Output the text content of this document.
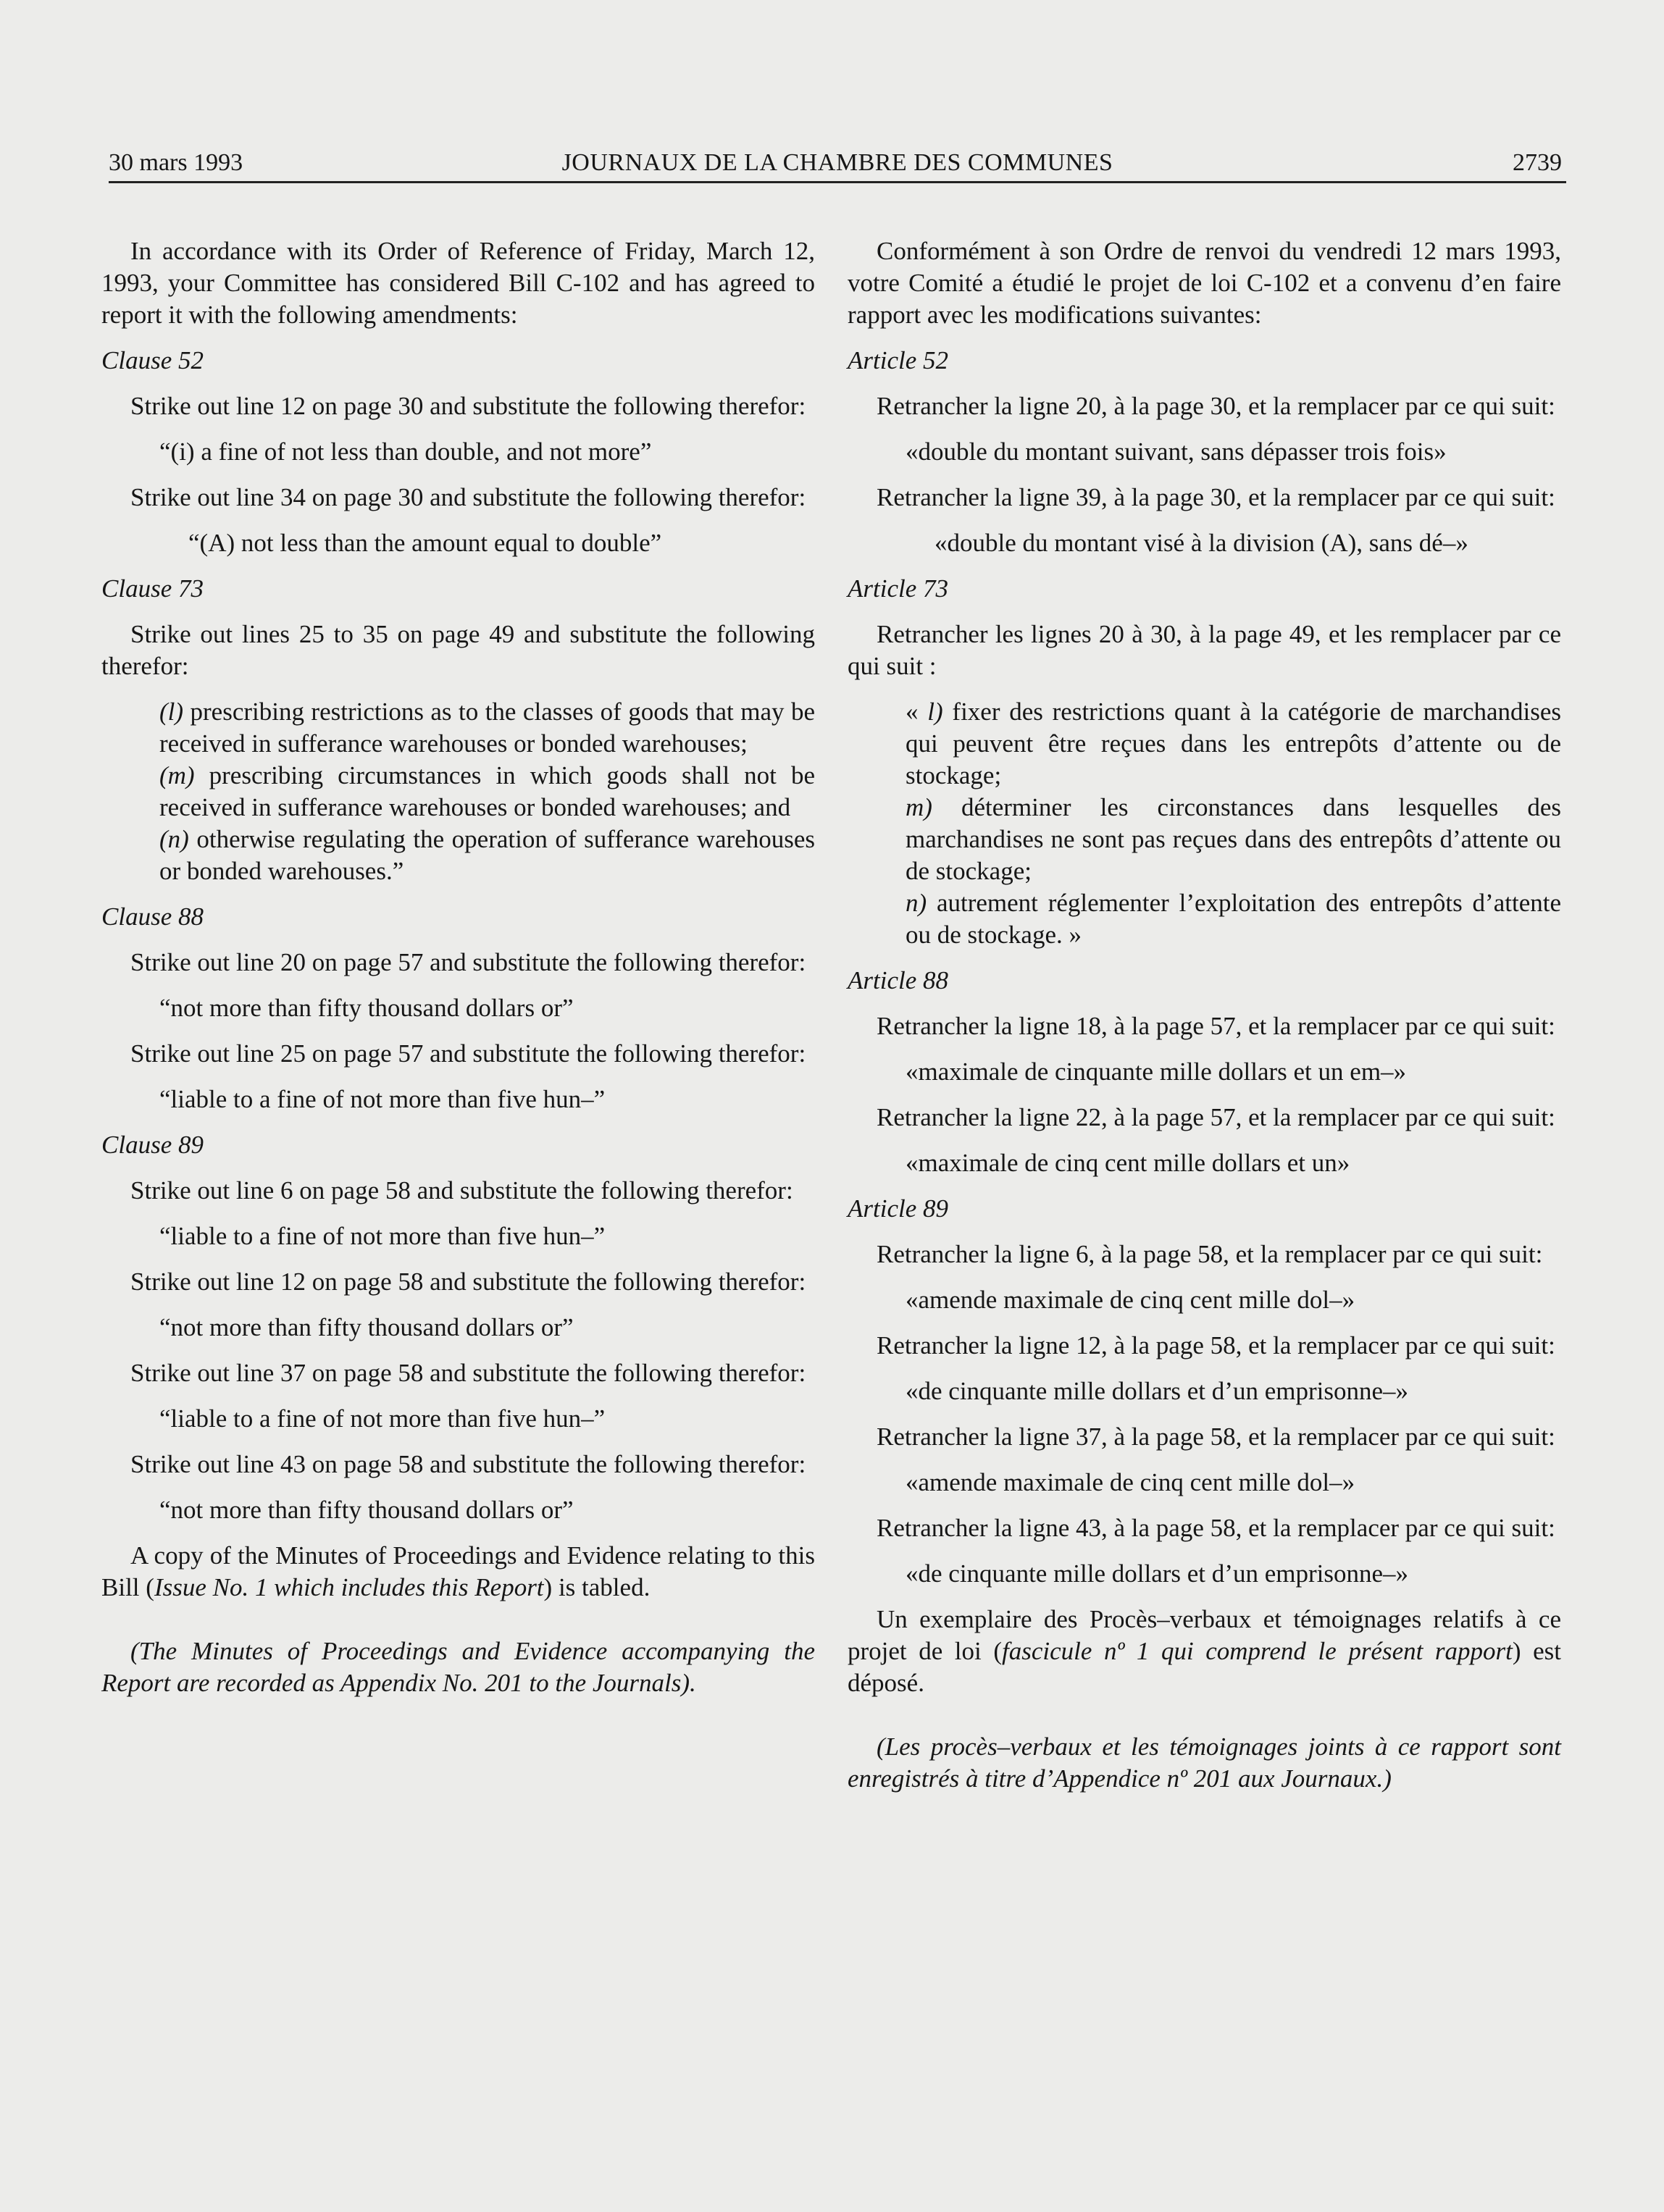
30 mars 1993	JOURNAUX DE LA CHAMBRE DES COMMUNES	2739

In accordance with its Order of Reference of Friday, March 12, 1993, your Committee has considered Bill C-102 and has agreed to report it with the following amendments:

Clause 52

Strike out line 12 on page 30 and substitute the following therefor:

“(i) a fine of not less than double, and not more”

Strike out line 34 on page 30 and substitute the following therefor:

“(A) not less than the amount equal to double”

Clause 73

Strike out lines 25 to 35 on page 49 and substitute the following therefor:

(l) prescribing restrictions as to the classes of goods that may be received in sufferance warehouses or bonded warehouses;

(m) prescribing circumstances in which goods shall not be received in sufferance warehouses or bonded warehouses; and

(n) otherwise regulating the operation of sufferance warehouses or bonded warehouses.”

Clause 88

Strike out line 20 on page 57 and substitute the following therefor:

“not more than fifty thousand dollars or”

Strike out line 25 on page 57 and substitute the following therefor:

“liable to a fine of not more than five hun–”

Clause 89

Strike out line 6 on page 58 and substitute the following therefor:

“liable to a fine of not more than five hun–”

Strike out line 12 on page 58 and substitute the following therefor:

“not more than fifty thousand dollars or”

Strike out line 37 on page 58 and substitute the following therefor:

“liable to a fine of not more than five hun–”

Strike out line 43 on page 58 and substitute the following therefor:

“not more than fifty thousand dollars or”

A copy of the Minutes of Proceedings and Evidence relating to this Bill (Issue No. 1 which includes this Report) is tabled.

(The Minutes of Proceedings and Evidence accompanying the Report are recorded as Appendix No. 201 to the Journals).

Conformément à son Ordre de renvoi du vendredi 12 mars 1993, votre Comité a étudié le projet de loi C-102 et a convenu d’en faire rapport avec les modifications suivantes:

Article 52

Retrancher la ligne 20, à la page 30, et la remplacer par ce qui suit:

«double du montant suivant, sans dépasser trois fois»

Retrancher la ligne 39, à la page 30, et la remplacer par ce qui suit:

«double du montant visé à la division (A), sans dé–»

Article 73

Retrancher les lignes 20 à 30, à la page 49, et les remplacer par ce qui suit :

« l) fixer des restrictions quant à la catégorie de marchandises qui peuvent être reçues dans les entrepôts d’attente ou de stockage;

m) déterminer les circonstances dans lesquelles des marchandises ne sont pas reçues dans des entrepôts d’attente ou de stockage;

n) autrement réglementer l’exploitation des entrepôts d’attente ou de stockage. »

Article 88

Retrancher la ligne 18, à la page 57, et la remplacer par ce qui suit:

«maximale de cinquante mille dollars et un em–»

Retrancher la ligne 22, à la page 57, et la remplacer par ce qui suit:

«maximale de cinq cent mille dollars et un»

Article 89

Retrancher la ligne 6, à la page 58, et la remplacer par ce qui suit:

«amende maximale de cinq cent mille dol–»

Retrancher la ligne 12, à la page 58, et la remplacer par ce qui suit:

«de cinquante mille dollars et d’un emprisonne–»

Retrancher la ligne 37, à la page 58, et la remplacer par ce qui suit:

«amende maximale de cinq cent mille dol–»

Retrancher la ligne 43, à la page 58, et la remplacer par ce qui suit:

«de cinquante mille dollars et d’un emprisonne–»

Un exemplaire des Procès–verbaux et témoignages relatifs à ce projet de loi (fascicule nº 1 qui comprend le présent rapport) est déposé.

(Les procès–verbaux et les témoignages joints à ce rapport sont enregistrés à titre d’Appendice nº 201 aux Journaux.)
